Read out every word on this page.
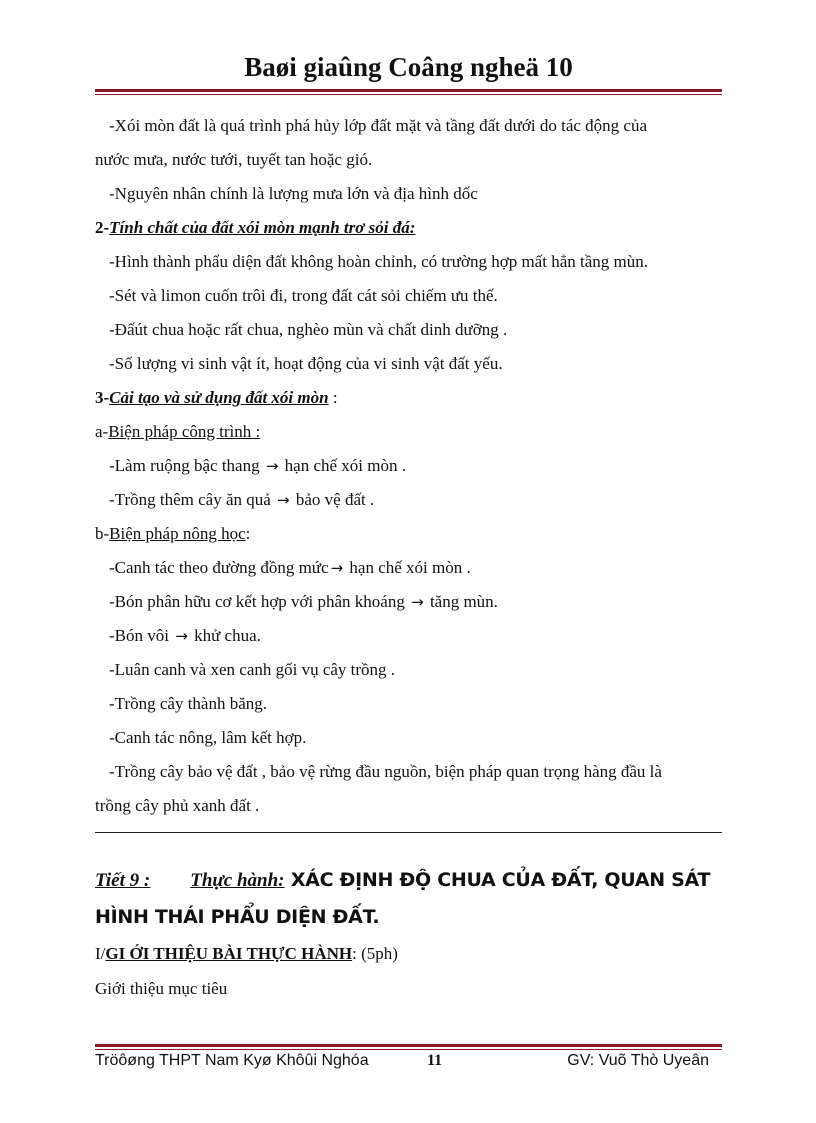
Baøi giaûng Coâng ngheä 10
-Xói mòn đất là quá trình phá hủy lớp đất mặt và tầng đất dưới do tác động của
nước mưa, nước tưới, tuyết tan hoặc gió.
-Nguyên nhân chính là lượng mưa lớn và địa hình dốc
2-Tính chất của đất xói mòn mạnh trơ sỏi đá:
-Hình thành phẩu diện đất không hoàn chỉnh, có trường hợp mất hẳn tầng mùn.
-Sét và limon cuốn trôi đi, trong đất cát sỏi chiếm ưu thế.
-Đấút chua hoặc rất chua, nghèo mùn và chất dinh dưỡng .
-Số lượng vi sinh vật ít, hoạt động của vi sinh vật đất yếu.
3-Cải tạo và sử dụng đất xói mòn :
a-Biện pháp công trình :
-Làm ruộng bậc thang → hạn chế xói mòn .
-Trồng thêm cây ăn quả → bảo vệ đất .
b-Biện pháp nông học:
-Canh tác theo đường đồng mức → hạn chế xói mòn .
-Bón phân hữu cơ kết hợp với phân khoáng → tăng mùn.
-Bón vôi → khử chua.
-Luân canh và xen canh gối vụ cây trồng .
-Trồng cây thành băng.
-Canh tác nông, lâm kết hợp.
-Trồng cây bảo vệ đất , bảo vệ rừng đầu nguồn, biện pháp quan trọng hàng đầu là
trồng cây phủ xanh đất .
Tiết 9 : Thực hành: XÁC ĐỊNH ĐỘ CHUA CỦA ĐẤT, QUAN SÁT
HÌNH THÁI PHẨU DIỆN ĐẤT.
I/GI ỚI THIỆU BÀI THỰC HÀNH: (5ph)
Giới thiệu mục tiêu
Tröôøng THPT Nam Kyø Khôûi Nghóa	11	GV: Vuõ Thò Uyeân
